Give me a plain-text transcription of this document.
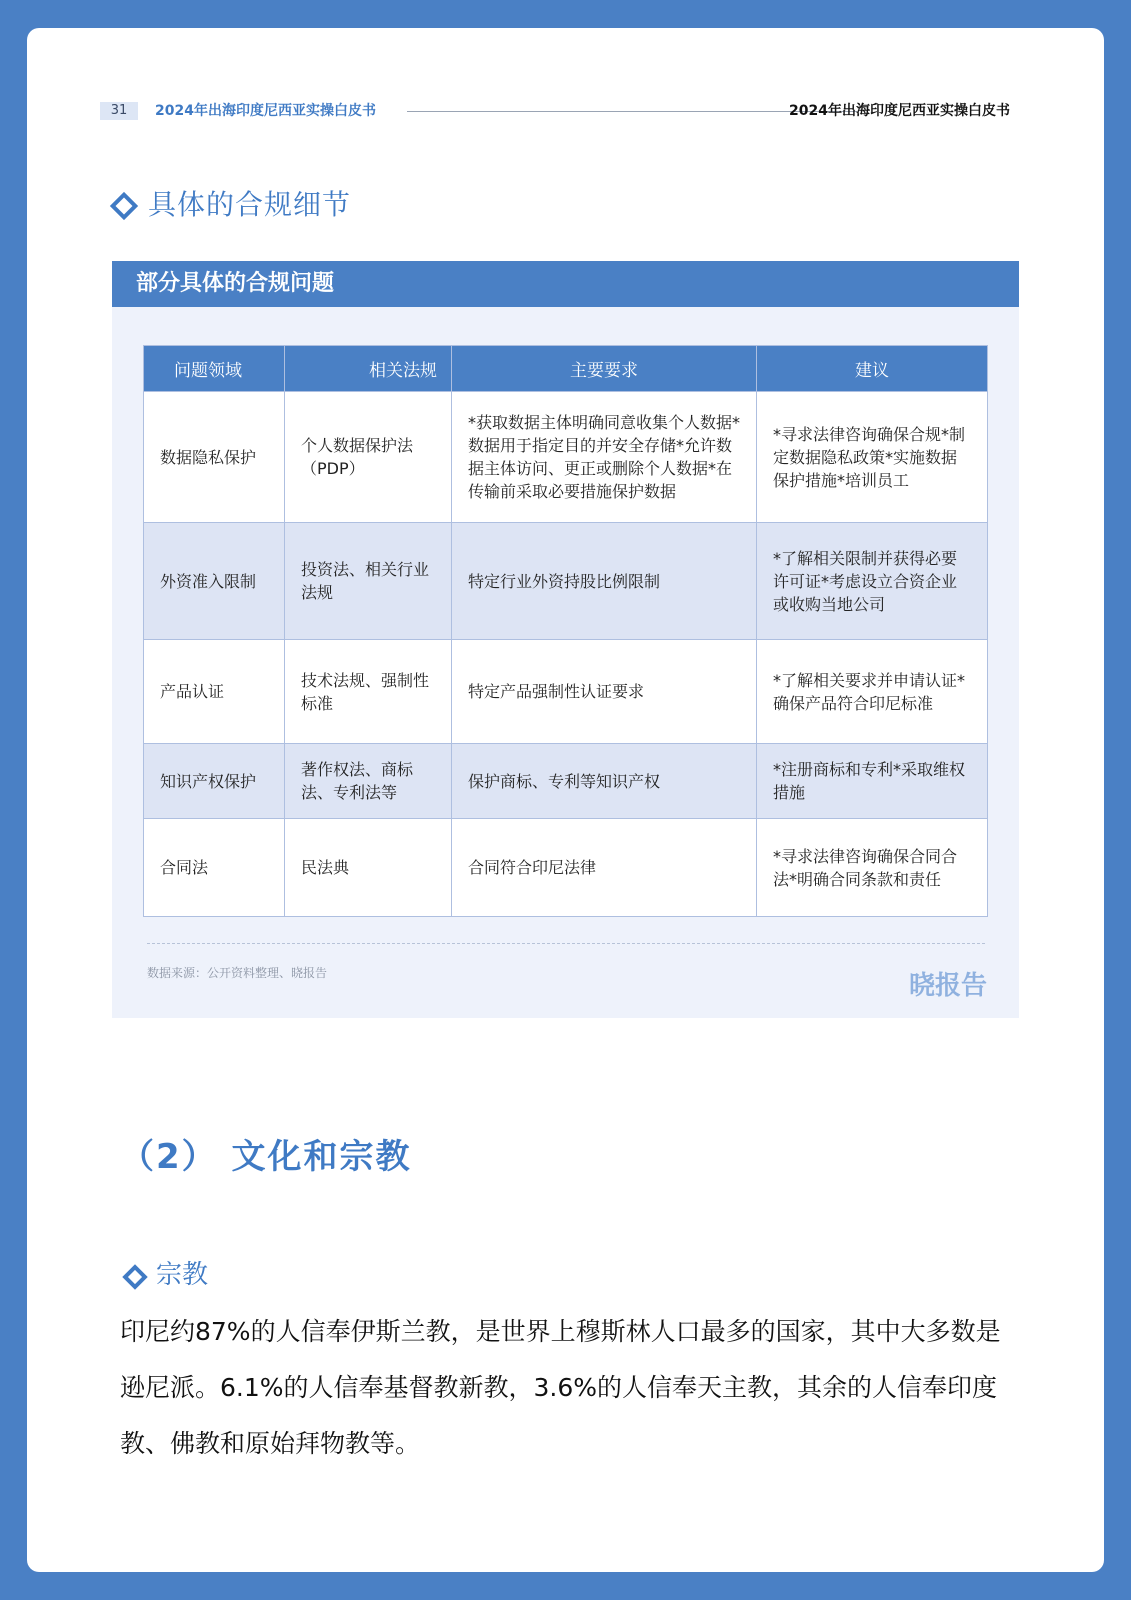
31	2024年出海印度尼西亚实操白皮书	2024年出海印度尼西亚实操白皮书
具体的合规细节
部分具体的合规问题
问题领域	相关法规	主要要求	建议
数据隐私保护	个人数据保护法（PDP）	*获取数据主体明确同意收集个人数据*数据用于指定目的并安全存储*允许数据主体访问、更正或删除个人数据*在传输前采取必要措施保护数据	*寻求法律咨询确保合规*制定数据隐私政策*实施数据保护措施*培训员工
外资准入限制	投资法、相关行业法规	特定行业外资持股比例限制	*了解相关限制并获得必要许可证*考虑设立合资企业或收购当地公司
产品认证	技术法规、强制性标准	特定产品强制性认证要求	*了解相关要求并申请认证*确保产品符合印尼标准
知识产权保护	著作权法、商标法、专利法等	保护商标、专利等知识产权	*注册商标和专利*采取维权措施
合同法	民法典	合同符合印尼法律	*寻求法律咨询确保合同合法*明确合同条款和责任
数据来源：公开资料整理、晓报告	晓报告
（2） 文化和宗教
宗教
印尼约87%的人信奉伊斯兰教，是世界上穆斯林人口最多的国家，其中大多数是逊尼派。6.1%的人信奉基督教新教，3.6%的人信奉天主教，其余的人信奉印度教、佛教和原始拜物教等。
